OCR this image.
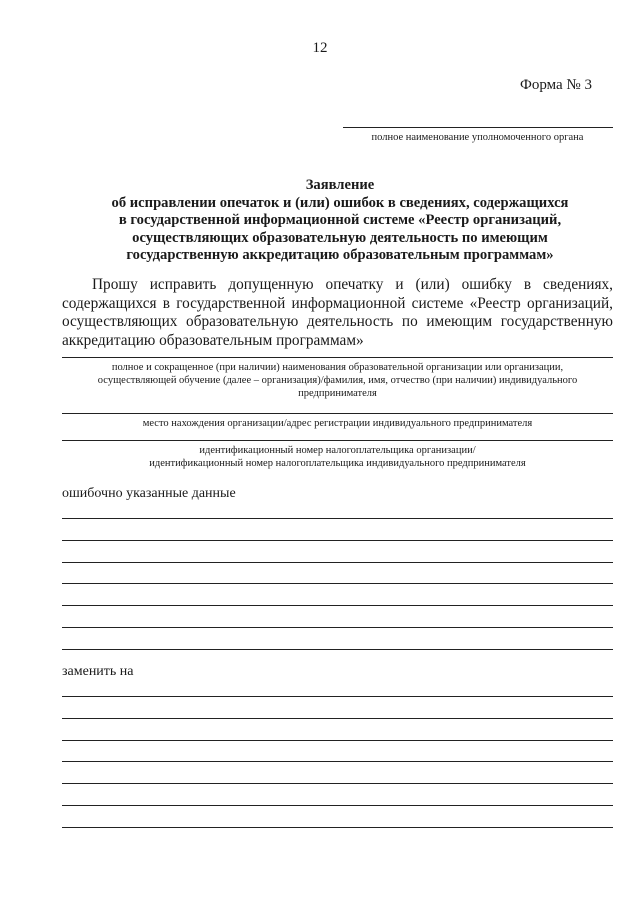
12
Форма № 3
полное наименование уполномоченного органа
Заявление
об исправлении опечаток и (или) ошибок в сведениях, содержащихся
в государственной информационной системе «Реестр организаций,
осуществляющих образовательную деятельность по имеющим
государственную аккредитацию образовательным программам»
Прошу исправить допущенную опечатку и (или) ошибку в сведениях,
содержащихся в государственной информационной системе «Реестр организаций,
осуществляющих образовательную деятельность по имеющим государственную
аккредитацию образовательным программам»
полное и сокращенное (при наличии) наименования образовательной организации или организации,
осуществляющей обучение (далее – организация)/фамилия, имя, отчество (при наличии) индивидуального
предпринимателя
место нахождения организации/адрес регистрации индивидуального предпринимателя
идентификационный номер налогоплательщика организации/
идентификационный номер налогоплательщика индивидуального предпринимателя
ошибочно указанные данные
заменить на
